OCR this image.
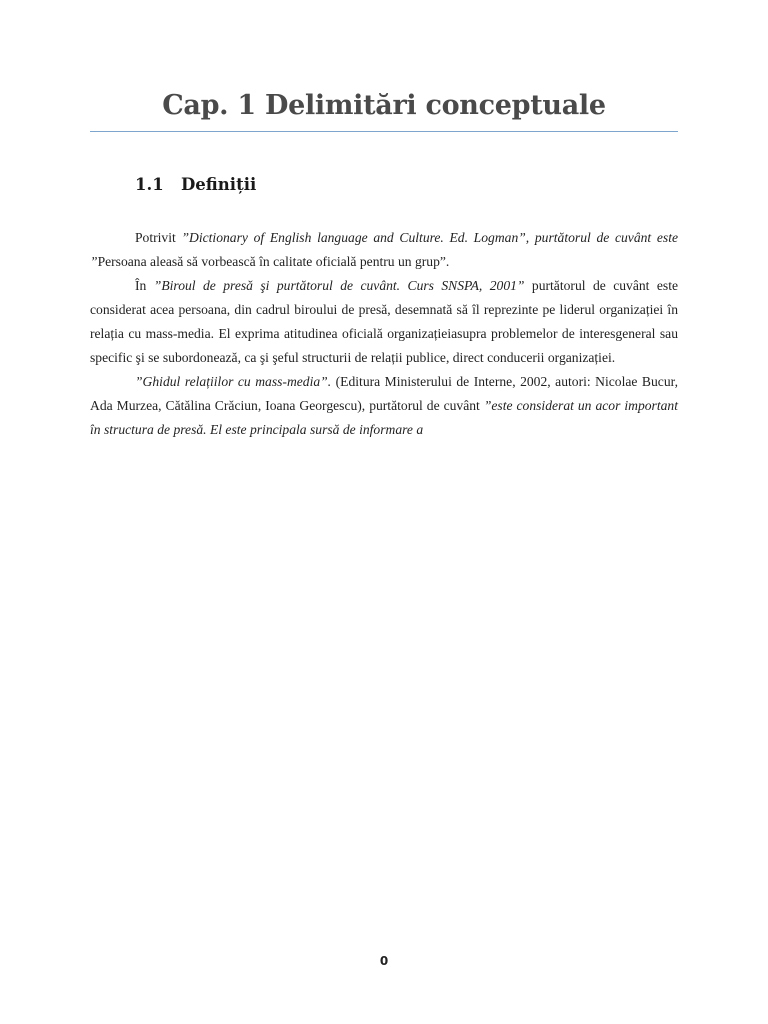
Cap. 1 Delimitări conceptuale
1.1 Definiții

Potrivit ”Dictionary of English language and Culture. Ed. Logman”, purtătorul de cuvânt este ”Persoana aleasă să vorbească în calitate oficială pentru un grup”.

În ”Biroul de presă şi purtătorul de cuvânt. Curs SNSPA, 2001” purtătorul de cuvânt este considerat acea persoana, din cadrul biroului de presă, desemnată să îl reprezinte pe liderul organizației în relația cu mass-media. El exprima atitudinea oficială organizațieiasupra problemelor de interesgeneral sau specific şi se subordonează, ca şi şeful structurii de relații publice, direct conducerii organizației.

”Ghidul relațiilor cu mass-media”. (Editura Ministerului de Interne, 2002, autori: Nicolae Bucur, Ada Murzea, Cătălina Crăciun, Ioana Georgescu), purtătorul de cuvânt ”este considerat un acor important în structura de presă. El este principala sursă de informare a

0
